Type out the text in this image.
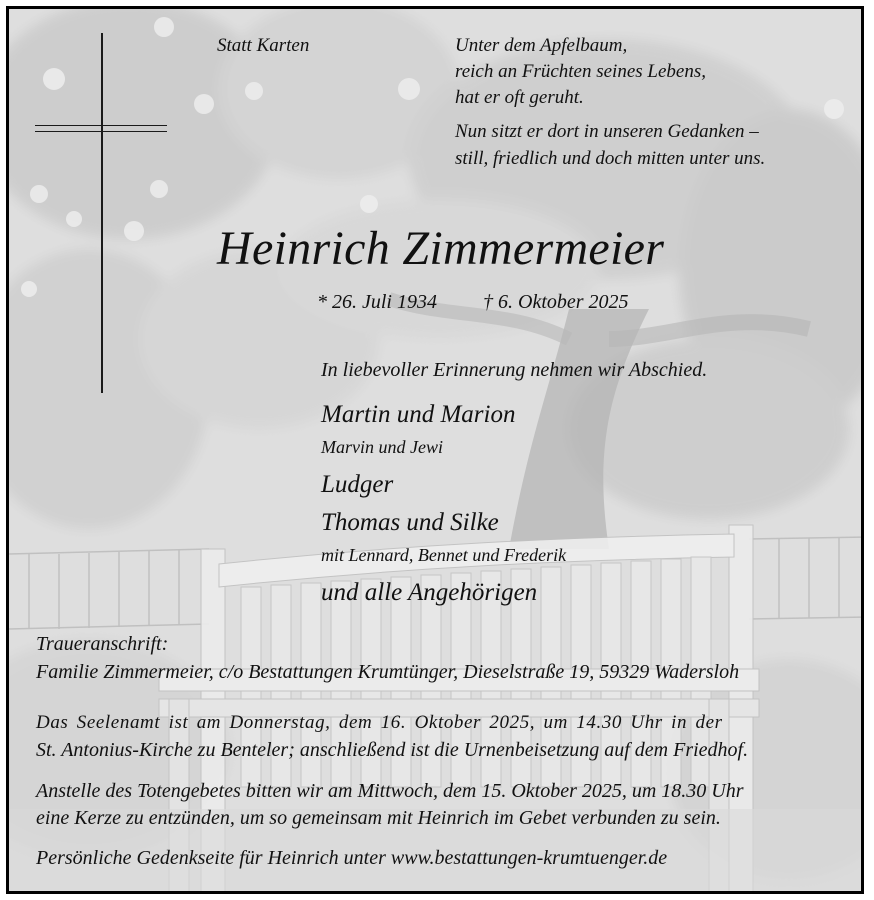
Statt Karten	Unter dem Apfelbaum,
reich an Früchten seines Lebens,
hat er oft geruht.
Nun sitzt er dort in unseren Gedanken –
still, friedlich und doch mitten unter uns.
Heinrich Zimmermeier
* 26. Juli 1934 † 6. Oktober 2025
In liebevoller Erinnerung nehmen wir Abschied.
Martin und Marion
Marvin und Jewi
Ludger
Thomas und Silke
mit Lennard, Bennet und Frederik
und alle Angehörigen
Traueranschrift:
Familie Zimmermeier, c/o Bestattungen Krumtünger, Dieselstraße 19, 59329 Wadersloh
Das Seelenamt ist am Donnerstag, dem 16. Oktober 2025, um 14.30 Uhr in der
St. Antonius-Kirche zu Benteler; anschließend ist die Urnenbeisetzung auf dem Friedhof.
Anstelle des Totengebetes bitten wir am Mittwoch, dem 15. Oktober 2025, um 18.30 Uhr
eine Kerze zu entzünden, um so gemeinsam mit Heinrich im Gebet verbunden zu sein.
Persönliche Gedenkseite für Heinrich unter www.bestattungen-krumtuenger.de
